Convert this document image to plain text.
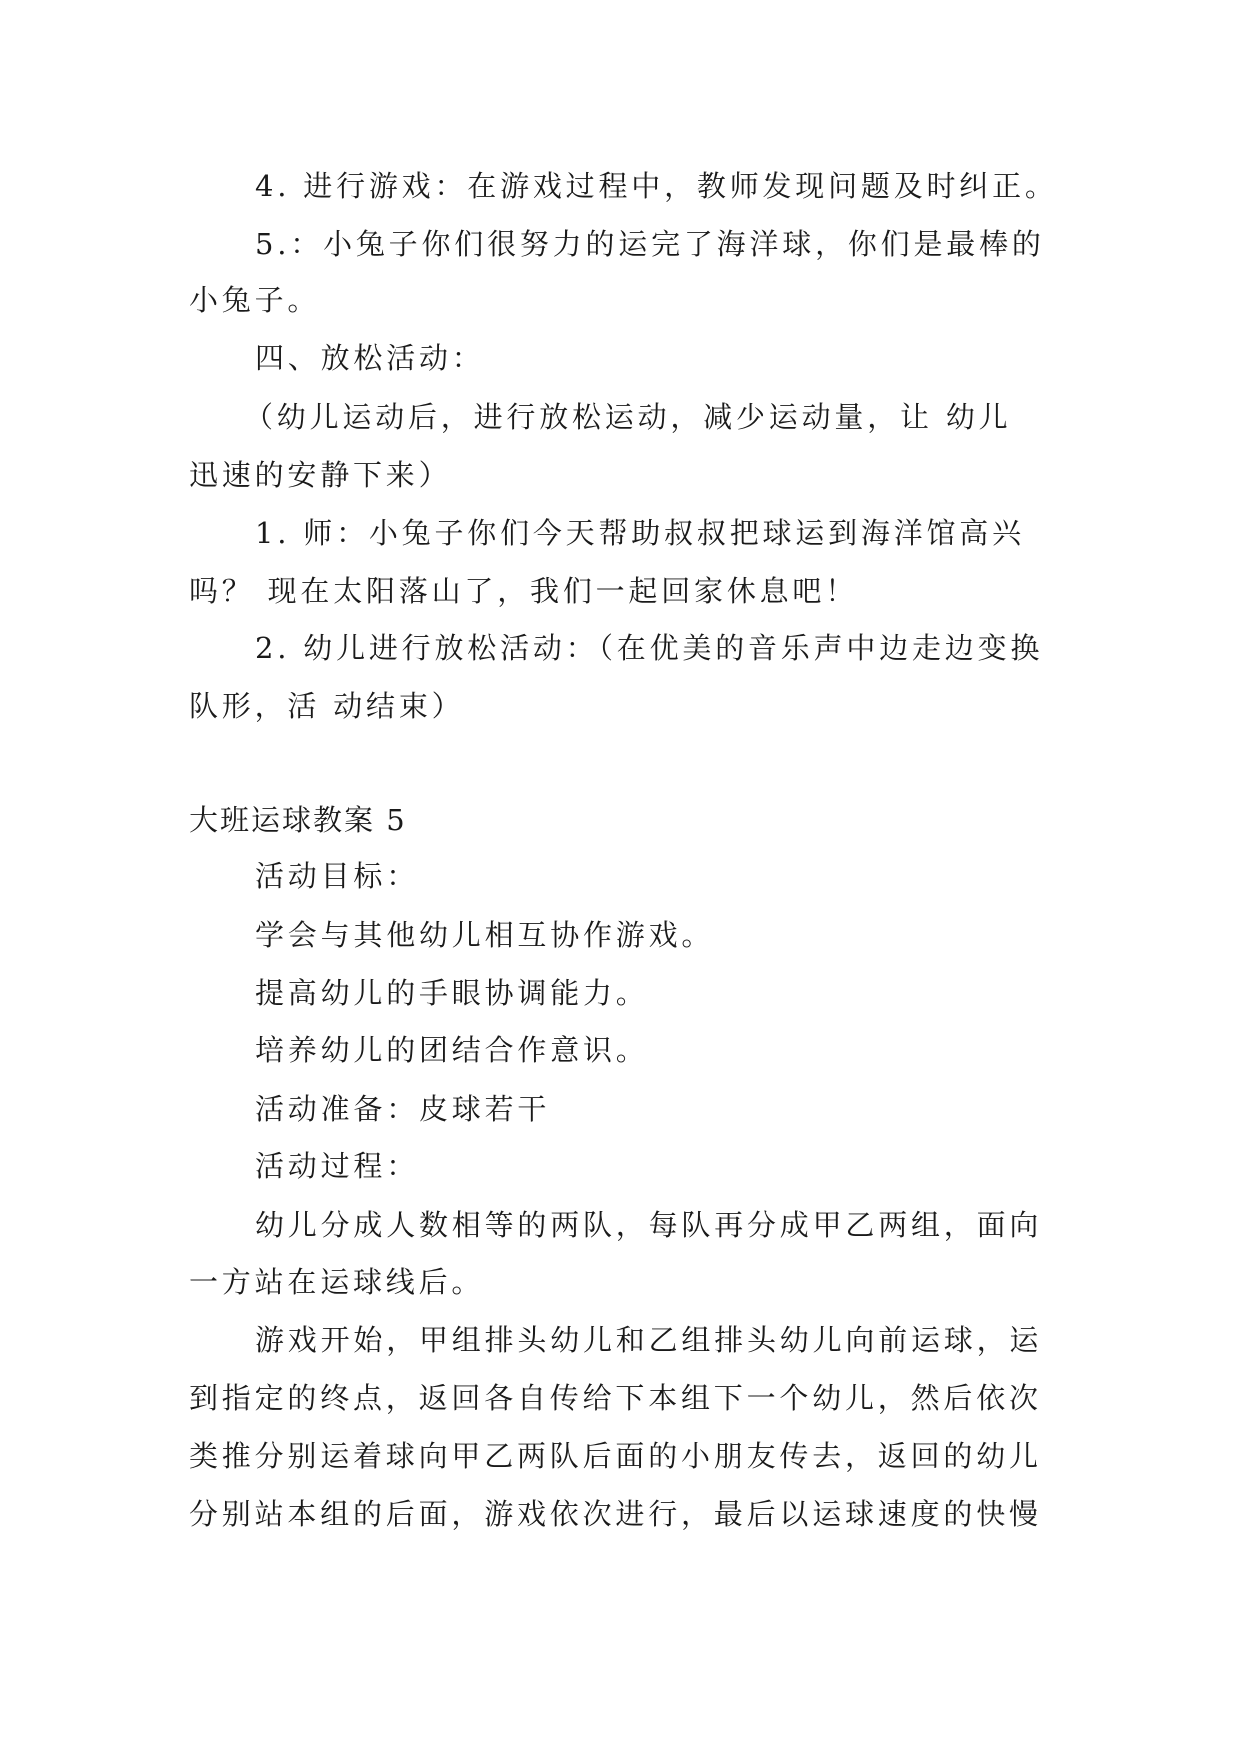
4. 进行游戏：在游戏过程中，教师发现问题及时纠正。
5.：小兔子你们很努力的运完了海洋球，你们是最棒的
小兔子。
四、放松活动：
（幼儿运动后，进行放松运动，减少运动量，让 幼儿
迅速的安静下来）
1. 师：小兔子你们今天帮助叔叔把球运到海洋馆高兴
吗？ 现在太阳落山了，我们一起回家休息吧！
2. 幼儿进行放松活动：（在优美的音乐声中边走边变换
队形，活 动结束）
大班运球教案 5
活动目标：
学会与其他幼儿相互协作游戏。
提高幼儿的手眼协调能力。
培养幼儿的团结合作意识。
活动准备：皮球若干
活动过程：
幼儿分成人数相等的两队，每队再分成甲乙两组，面向
一方站在运球线后。
游戏开始，甲组排头幼儿和乙组排头幼儿向前运球，运
到指定的终点，返回各自传给下本组下一个幼儿，然后依次
类推分别运着球向甲乙两队后面的小朋友传去，返回的幼儿
分别站本组的后面，游戏依次进行，最后以运球速度的快慢
